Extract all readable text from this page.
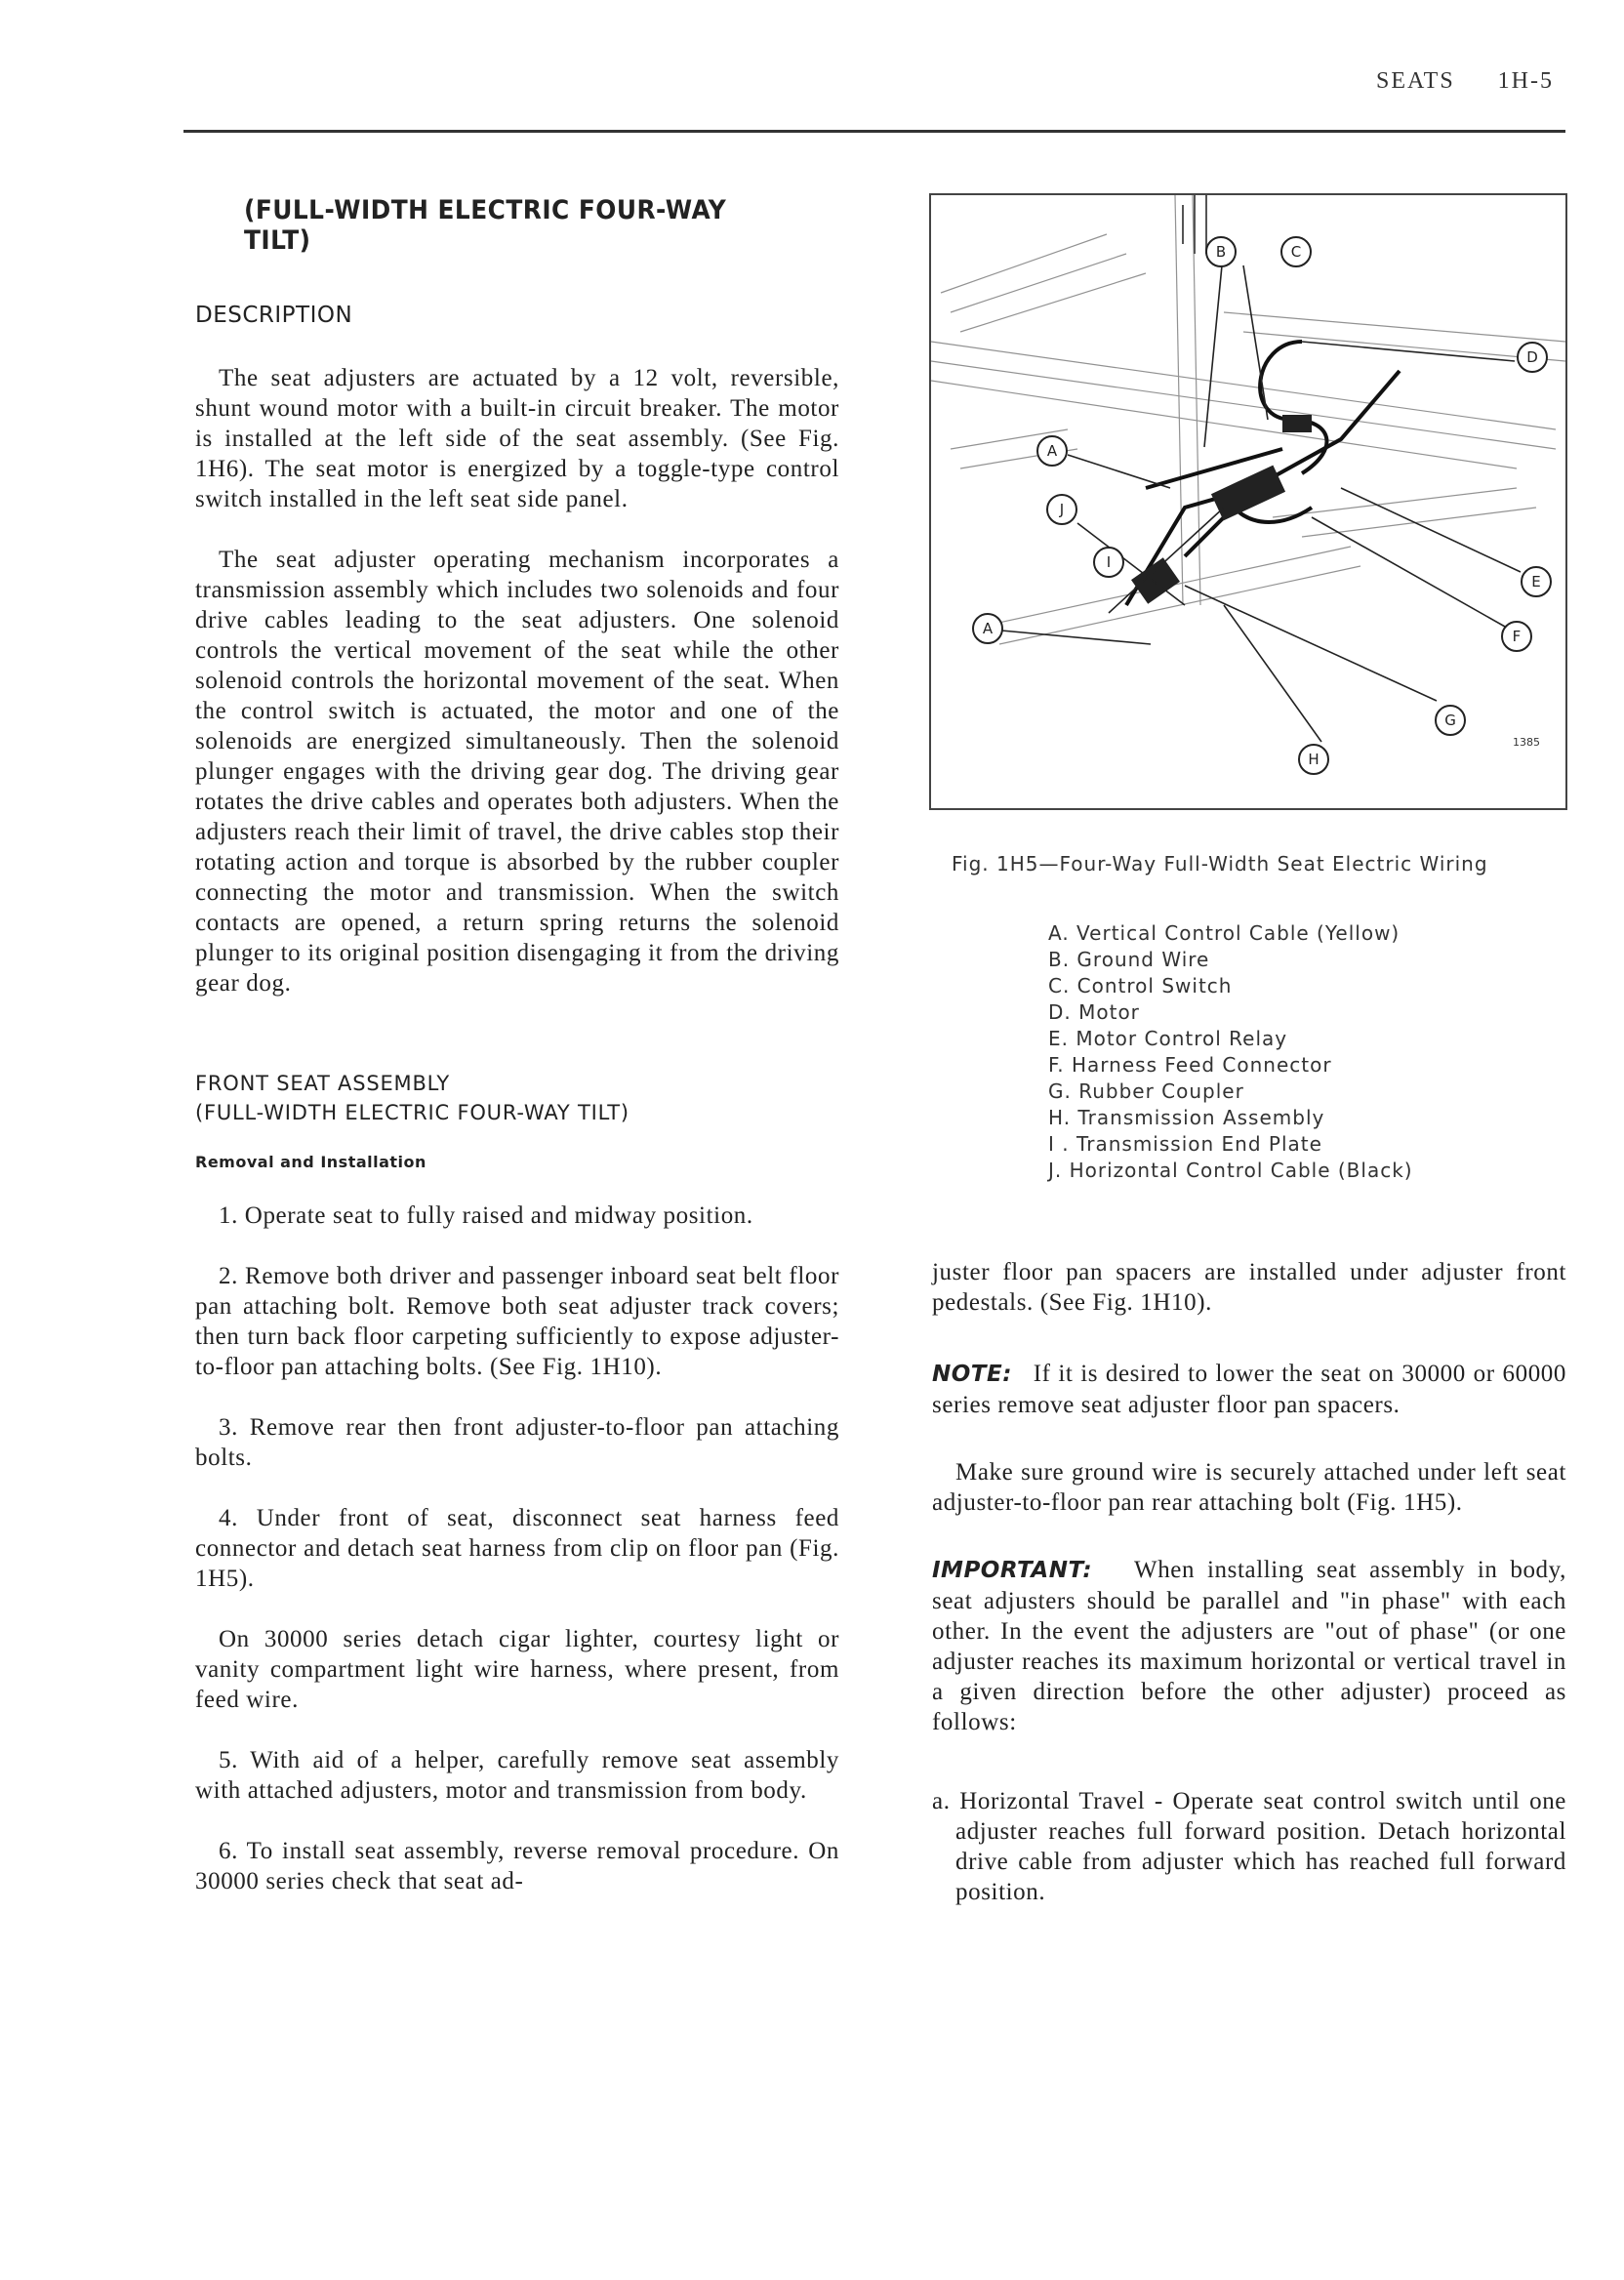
SEATS 1H-5
(FULL-WIDTH ELECTRIC FOUR-WAY TILT)
DESCRIPTION

The seat adjusters are actuated by a 12 volt, reversible, shunt wound motor with a built-in circuit breaker. The motor is installed at the left side of the seat assembly. (See Fig. 1H6). The seat motor is energized by a toggle-type control switch installed in the left seat side panel.

The seat adjuster operating mechanism incorporates a transmission assembly which includes two solenoids and four drive cables leading to the seat adjusters. One solenoid controls the vertical movement of the seat while the other solenoid controls the horizontal movement of the seat. When the control switch is actuated, the motor and one of the solenoids are energized simultaneously. Then the solenoid plunger engages with the driving gear dog. The driving gear rotates the drive cables and operates both adjusters. When the adjusters reach their limit of travel, the drive cables stop their rotating action and torque is absorbed by the rubber coupler connecting the motor and transmission. When the switch contacts are opened, a return spring returns the solenoid plunger to its original position disengaging it from the driving gear dog.

FRONT SEAT ASSEMBLY
(FULL-WIDTH ELECTRIC FOUR-WAY TILT)
Removal and Installation

1. Operate seat to fully raised and midway position.

2. Remove both driver and passenger inboard seat belt floor pan attaching bolt. Remove both seat adjuster track covers; then turn back floor carpeting sufficiently to expose adjuster-to-floor pan attaching bolts. (See Fig. 1H10).

3. Remove rear then front adjuster-to-floor pan attaching bolts.

4. Under front of seat, disconnect seat harness feed connector and detach seat harness from clip on floor pan (Fig. 1H5).

On 30000 series detach cigar lighter, courtesy light or vanity compartment light wire harness, where present, from feed wire.

5. With aid of a helper, carefully remove seat assembly with attached adjusters, motor and transmission from body.

6. To install seat assembly, reverse removal procedure. On 30000 series check that seat ad-

B	C
D
A
J
I
E
F
A
G
H
1385
Fig. 1H5—Four-Way Full-Width Seat Electric Wiring
A. Vertical Control Cable (Yellow)
B. Ground Wire
C. Control Switch
D. Motor
E. Motor Control Relay
F. Harness Feed Connector
G. Rubber Coupler
H. Transmission Assembly
I . Transmission End Plate
J. Horizontal Control Cable (Black)

juster floor pan spacers are installed under adjuster front pedestals. (See Fig. 1H10).

NOTE: If it is desired to lower the seat on 30000 or 60000 series remove seat adjuster floor pan spacers.

Make sure ground wire is securely attached under left seat adjuster-to-floor pan rear attaching bolt (Fig. 1H5).

IMPORTANT: When installing seat assembly in body, seat adjusters should be parallel and "in phase" with each other. In the event the adjusters are "out of phase" (or one adjuster reaches its maximum horizontal or vertical travel in a given direction before the other adjuster) proceed as follows:

a. Horizontal Travel - Operate seat control switch until one adjuster reaches full forward position. Detach horizontal drive cable from adjuster which has reached full forward position.
